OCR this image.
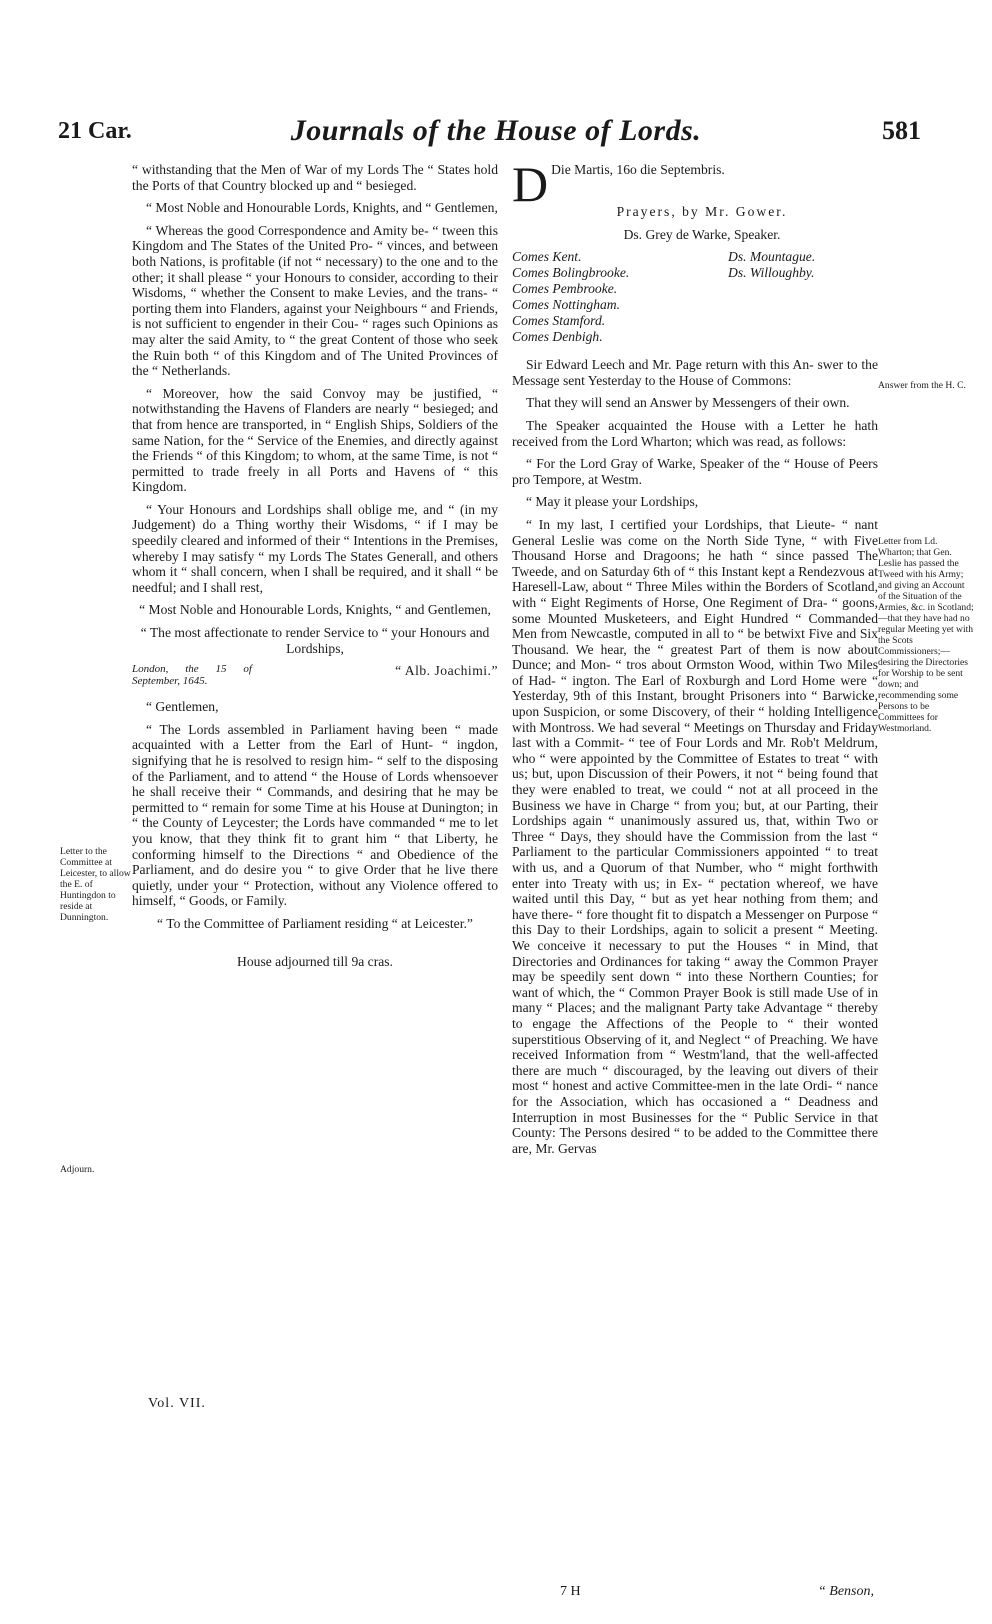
21 Car.	Journals of the House of Lords.	581

“ withstanding that the Men of War of my Lords The “ States hold the Ports of that Country blocked up and “ besieged.

“ Most Noble and Honourable Lords, Knights, and “ Gentlemen,

“ Whereas the good Correspondence and Amity be- “ tween this Kingdom and The States of the United Pro- “ vinces, and between both Nations, is profitable (if not “ necessary) to the one and to the other; it shall please “ your Honours to consider, according to their Wisdoms, “ whether the Consent to make Levies, and the trans- “ porting them into Flanders, against your Neighbours “ and Friends, is not sufficient to engender in their Cou- “ rages such Opinions as may alter the said Amity, to “ the great Content of those who seek the Ruin both “ of this Kingdom and of The United Provinces of the “ Netherlands.

“ Moreover, how the said Convoy may be justified, “ notwithstanding the Havens of Flanders are nearly “ besieged; and that from hence are transported, in “ English Ships, Soldiers of the same Nation, for the “ Service of the Enemies, and directly against the Friends “ of this Kingdom; to whom, at the same Time, is not “ permitted to trade freely in all Ports and Havens of “ this Kingdom.

“ Your Honours and Lordships shall oblige me, and “ (in my Judgement) do a Thing worthy their Wisdoms, “ if I may be speedily cleared and informed of their “ Intentions in the Premises, whereby I may satisfy “ my Lords The States Generall, and others whom it “ shall concern, when I shall be required, and it shall “ be needful; and I shall rest,

“ Most Noble and Honourable Lords, Knights, “ and Gentlemen,

“ The most affectionate to render Service to “ your Honours and Lordships,

London, the 15 of September, 1645.
“ Alb. Joachimi.”

“ Gentlemen,

“ The Lords assembled in Parliament having been “ made acquainted with a Letter from the Earl of Hunt- “ ingdon, signifying that he is resolved to resign him- “ self to the disposing of the Parliament, and to attend “ the House of Lords whensoever he shall receive their “ Commands, and desiring that he may be permitted to “ remain for some Time at his House at Dunington; in “ the County of Leycester; the Lords have commanded “ me to let you know, that they think fit to grant him “ that Liberty, he conforming himself to the Directions “ and Obedience of the Parliament, and do desire you “ to give Order that he live there quietly, under your “ Protection, without any Violence offered to himself, “ Goods, or Family.

“ To the Committee of Parliament residing “ at Leicester.”

House adjourned till 9a cras.

Letter to the Committee at Leicester, to allow the E. of Huntingdon to reside at Dunnington.
Adjourn.
D Die Martis, 16o die Septembris.

Prayers, by Mr. Gower.

Ds. Grey de Warke, Speaker.

Comes Kent.
Comes Bolingbrooke.
Comes Pembrooke.
Comes Nottingham.
Comes Stamford.
Comes Denbigh.
Ds. Mountague.
Ds. Willoughby.

Sir Edward Leech and Mr. Page return with this An- swer to the Message sent Yesterday to the House of Commons:

That they will send an Answer by Messengers of their own.

The Speaker acquainted the House with a Letter he hath received from the Lord Wharton; which was read, as follows:

“ For the Lord Gray of Warke, Speaker of the “ House of Peers pro Tempore, at Westm.

“ May it please your Lordships,

“ In my last, I certified your Lordships, that Lieute- “ nant General Leslie was come on the North Side Tyne, “ with Five Thousand Horse and Dragoons; he hath “ since passed The Tweede, and on Saturday 6th of “ this Instant kept a Rendezvous at Haresell-Law, about “ Three Miles within the Borders of Scotland, with “ Eight Regiments of Horse, One Regiment of Dra- “ goons, some Mounted Musketeers, and Eight Hundred “ Commanded Men from Newcastle, computed in all to “ be betwixt Five and Six Thousand. We hear, the “ greatest Part of them is now about Dunce; and Mon- “ tros about Ormston Wood, within Two Miles of Had- “ ington. The Earl of Roxburgh and Lord Home were “ Yesterday, 9th of this Instant, brought Prisoners into “ Barwicke, upon Suspicion, or some Discovery, of their “ holding Intelligence with Montross. We had several “ Meetings on Thursday and Friday last with a Commit- “ tee of Four Lords and Mr. Rob't Meldrum, who “ were appointed by the Committee of Estates to treat “ with us; but, upon Discussion of their Powers, it not “ being found that they were enabled to treat, we could “ not at all proceed in the Business we have in Charge “ from you; but, at our Parting, their Lordships again “ unanimously assured us, that, within Two or Three “ Days, they should have the Commission from the last “ Parliament to the particular Commissioners appointed “ to treat with us, and a Quorum of that Number, who “ might forthwith enter into Treaty with us; in Ex- “ pectation whereof, we have waited until this Day, “ but as yet hear nothing from them; and have there- “ fore thought fit to dispatch a Messenger on Purpose “ this Day to their Lordships, again to solicit a present “ Meeting. We conceive it necessary to put the Houses “ in Mind, that Directories and Ordinances for taking “ away the Common Prayer may be speedily sent down “ into these Northern Counties; for want of which, the “ Common Prayer Book is still made Use of in many “ Places; and the malignant Party take Advantage “ thereby to engage the Affections of the People to “ their wonted superstitious Observing of it, and Neglect “ of Preaching. We have received Information from “ Westm'land, that the well-affected there are much “ discouraged, by the leaving out divers of their most “ honest and active Committee-men in the late Ordi- “ nance for the Association, which has occasioned a “ Deadness and Interruption in most Businesses for the “ Public Service in that County: The Persons desired “ to be added to the Committee there are, Mr. Gervas

Answer from the H. C.
Letter from Ld. Wharton; that Gen. Leslie has passed the Tweed with his Army; and giving an Account of the Situation of the Armies, &c. in Scotland;—that they have had no regular Meeting yet with the Scots Commissioners;—desiring the Directories for Worship to be sent down; and recommending some Persons to be Committees for Westmorland.
Vol. VII.
7 H	“ Benson,
